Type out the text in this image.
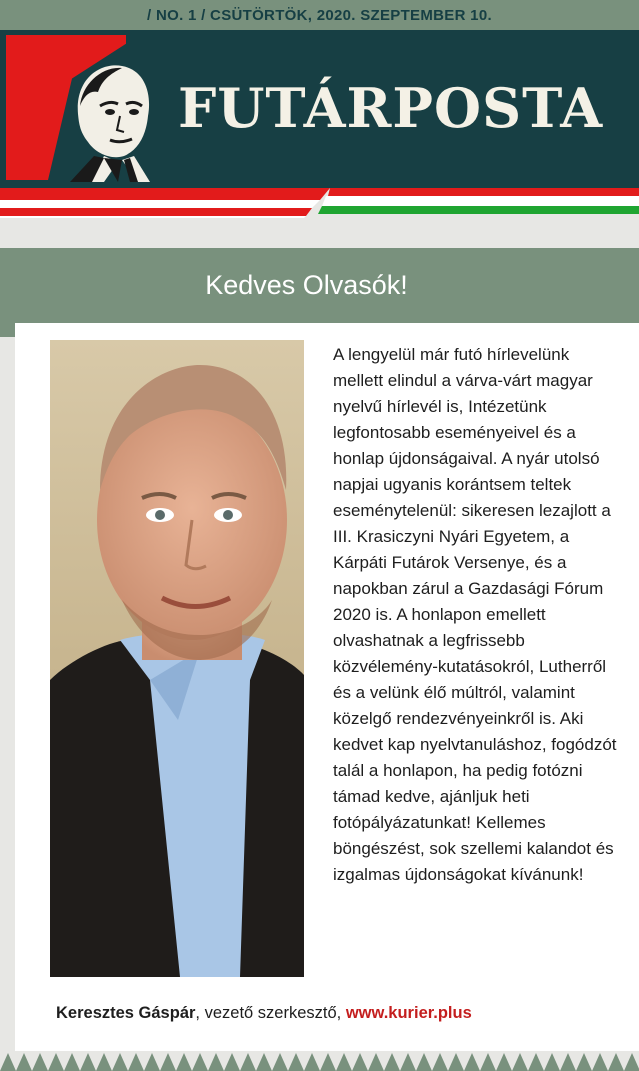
/ NO. 1 / CSÜTÖRTÖK, 2020. SZEPTEMBER 10.
FUTÁRPOSTA
Kedves Olvasók!

A lengyelül már futó hírlevelünk mellett elindul a várva-várt magyar nyelvű hírlevél is, Intézetünk legfontosabb eseményeivel és a honlap újdonságaival. A nyár utolsó napjai ugyanis korántsem teltek eseménytelenül: sikeresen lezajlott a III. Krasiczyni Nyári Egyetem, a Kárpáti Futárok Versenye, és a napokban zárul a Gazdasági Fórum 2020 is. A honlapon emellett olvashatnak a legfrissebb közvélemény-kutatásokról, Lutherről és a velünk élő múltról, valamint közelgő rendezvényeinkről is. Aki kedvet kap nyelvtanuláshoz, fogódzót talál a honlapon, ha pedig fotózni támad kedve, ajánljuk heti fotópályázatunkat! Kellemes böngészést, sok szellemi kalandot és izgalmas újdonságokat kívánunk!

Keresztes Gáspár, vezető szerkesztő, www.kurier.plus
